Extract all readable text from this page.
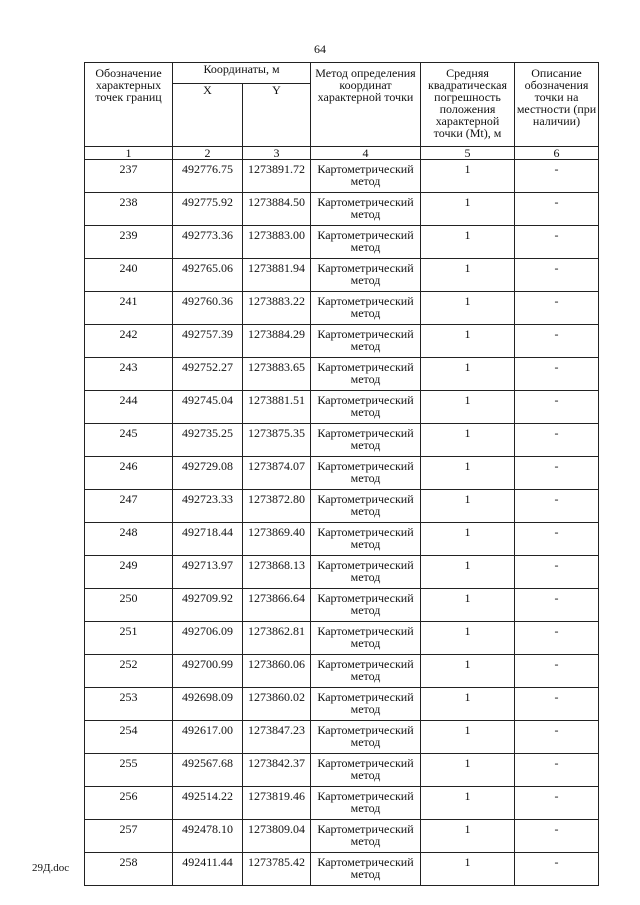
64
Обозначение характерных точек границ	Координаты, м		Метод определения координат характерной точки	Средняя квадратическая погрешность положения характерной точки (Mt), м	Описание обозначения точки на местности (при наличии)
	X	Y			
1	2	3	4	5	6
237	492776.75	1273891.72	Картометрический метод	1	-
238	492775.92	1273884.50	Картометрический метод	1	-
239	492773.36	1273883.00	Картометрический метод	1	-
240	492765.06	1273881.94	Картометрический метод	1	-
241	492760.36	1273883.22	Картометрический метод	1	-
242	492757.39	1273884.29	Картометрический метод	1	-
243	492752.27	1273883.65	Картометрический метод	1	-
244	492745.04	1273881.51	Картометрический метод	1	-
245	492735.25	1273875.35	Картометрический метод	1	-
246	492729.08	1273874.07	Картометрический метод	1	-
247	492723.33	1273872.80	Картометрический метод	1	-
248	492718.44	1273869.40	Картометрический метод	1	-
249	492713.97	1273868.13	Картометрический метод	1	-
250	492709.92	1273866.64	Картометрический метод	1	-
251	492706.09	1273862.81	Картометрический метод	1	-
252	492700.99	1273860.06	Картометрический метод	1	-
253	492698.09	1273860.02	Картометрический метод	1	-
254	492617.00	1273847.23	Картометрический метод	1	-
255	492567.68	1273842.37	Картометрический метод	1	-
256	492514.22	1273819.46	Картометрический метод	1	-
257	492478.10	1273809.04	Картометрический метод	1	-
258	492411.44	1273785.42	Картометрический метод	1	-
29Д.doc
